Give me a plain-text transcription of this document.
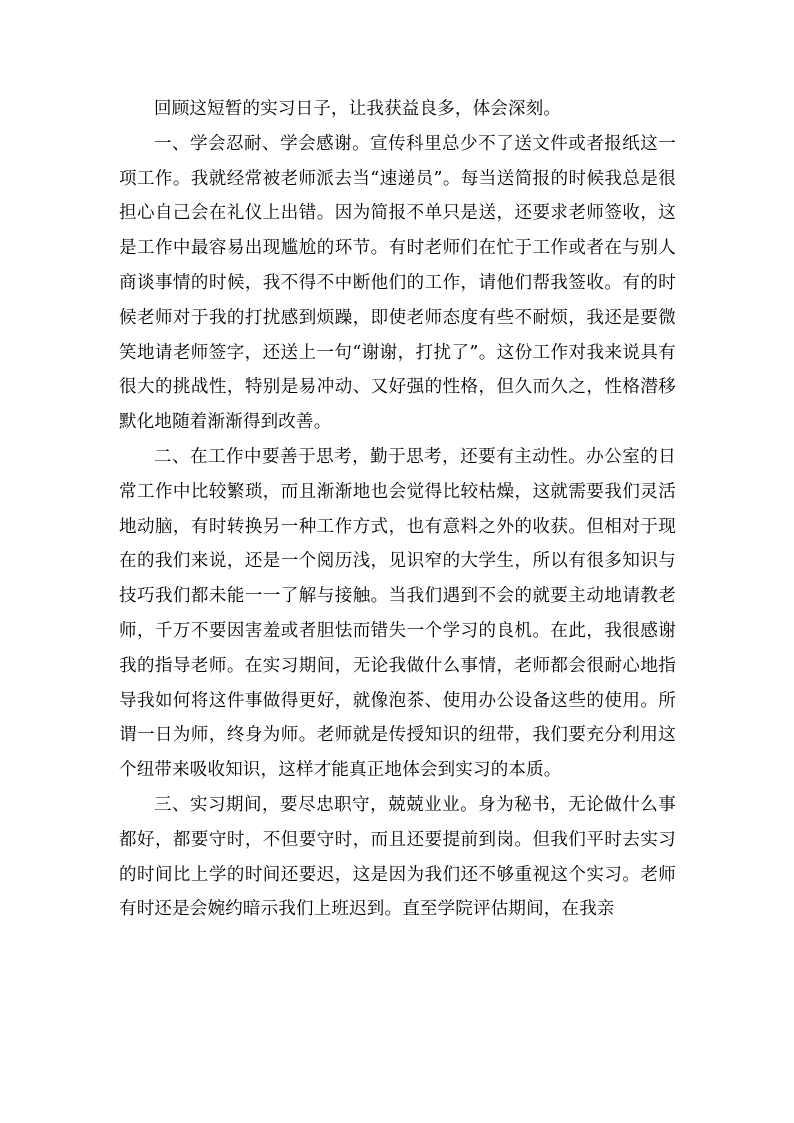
回顾这短暂的实习日子，让我获益良多，体会深刻。

一、学会忍耐、学会感谢。宣传科里总少不了送文件或者报纸这一项工作。我就经常被老师派去当“速递员”。每当送简报的时候我总是很担心自己会在礼仪上出错。因为简报不单只是送，还要求老师签收，这是工作中最容易出现尴尬的环节。有时老师们在忙于工作或者在与别人商谈事情的时候，我不得不中断他们的工作，请他们帮我签收。有的时候老师对于我的打扰感到烦躁，即使老师态度有些不耐烦，我还是要微笑地请老师签字，还送上一句“谢谢，打扰了”。这份工作对我来说具有很大的挑战性，特别是易冲动、又好强的性格，但久而久之，性格潜移默化地随着渐渐得到改善。

二、在工作中要善于思考，勤于思考，还要有主动性。办公室的日常工作中比较繁琐，而且渐渐地也会觉得比较枯燥，这就需要我们灵活地动脑，有时转换另一种工作方式，也有意料之外的收获。但相对于现在的我们来说，还是一个阅历浅，见识窄的大学生，所以有很多知识与技巧我们都未能一一了解与接触。当我们遇到不会的就要主动地请教老师，千万不要因害羞或者胆怯而错失一个学习的良机。在此，我很感谢我的指导老师。在实习期间，无论我做什么事情，老师都会很耐心地指导我如何将这件事做得更好，就像泡茶、使用办公设备这些的使用。所谓一日为师，终身为师。老师就是传授知识的纽带，我们要充分利用这个纽带来吸收知识，这样才能真正地体会到实习的本质。

三、实习期间，要尽忠职守，兢兢业业。身为秘书，无论做什么事都好，都要守时，不但要守时，而且还要提前到岗。但我们平时去实习的时间比上学的时间还要迟，这是因为我们还不够重视这个实习。老师有时还是会婉约暗示我们上班迟到。直至学院评估期间，在我亲
